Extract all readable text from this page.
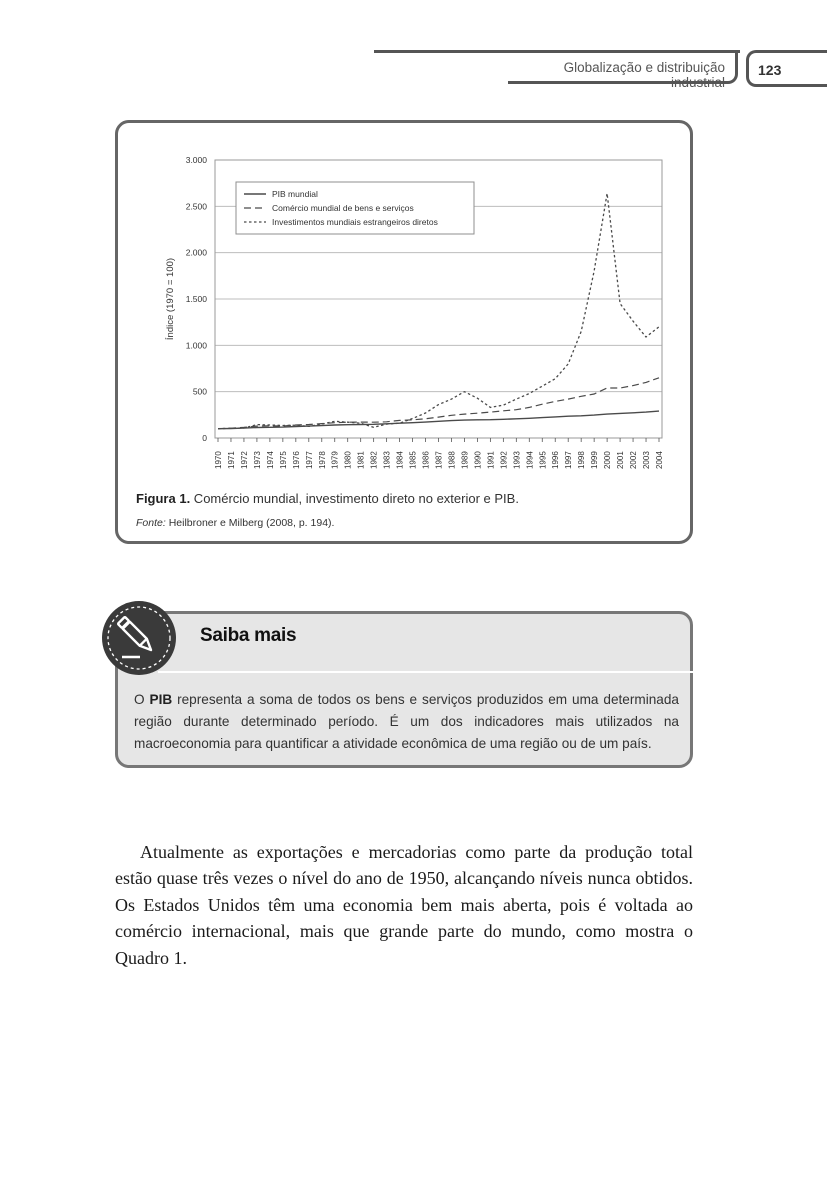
Globalização e distribuição industrial
123
0
500
1.000
1.500
2.000
2.500
3.000
1970 1971 1972 1973 1974 1975 1976 1977 1978 1979 1980 1981 1982 1983 1984 1985 1986 1987 1988 1989 1990 1991 1992 1993 1994 1995 1996 1997 1998 1999 2000 2001 2002 2003 2004
Índice (1970 = 100)
PIB mundial
Comércio mundial de bens e serviços
Investimentos mundiais estrangeiros diretos
Figura 1. Comércio mundial, investimento direto no exterior e PIB.
Fonte: Heilbroner e Milberg (2008, p. 194).
Saiba mais
O PIB representa a soma de todos os bens e serviços produzidos em uma determinada região durante determinado período. É um dos indicadores mais utilizados na macroeconomia para quantificar a atividade econômica de uma região ou de um país.
Atualmente as exportações e mercadorias como parte da produção total estão quase três vezes o nível do ano de 1950, alcançando níveis nunca obtidos. Os Estados Unidos têm uma economia bem mais aberta, pois é voltada ao comércio internacional, mais que grande parte do mundo, como mostra o Quadro 1.
